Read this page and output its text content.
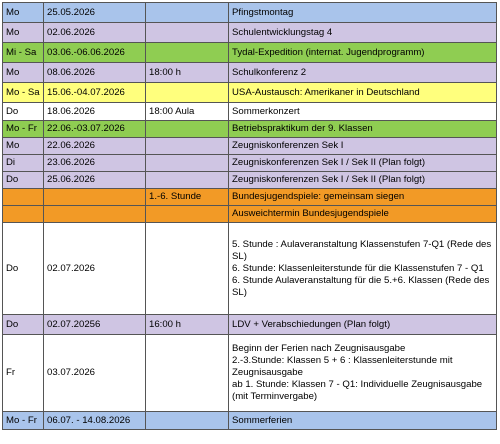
Mo	25.05.2026		Pfingstmontag
Mo	02.06.2026		Schulentwicklungstag 4
Mi - Sa	03.06.-06.06.2026		Tydal-Expedition (internat. Jugendprogramm)
Mo	08.06.2026	18:00 h	Schulkonferenz 2
Mo - Sa	15.06.-04.07.2026		USA-Austausch: Amerikaner in Deutschland
Do	18.06.2026	18:00 Aula	Sommerkonzert
Mo - Fr	22.06.-03.07.2026		Betriebspraktikum der 9. Klassen
Mo	22.06.2026		Zeugniskonferenzen Sek I
Di	23.06.2026		Zeugniskonferenzen Sek I / Sek II (Plan folgt)
Do	25.06.2026		Zeugniskonferenzen Sek I / Sek II (Plan folgt)
		1.-6. Stunde	Bundesjugendspiele: gemeinsam siegen
			Ausweichtermin Bundesjugendspiele
Do	02.07.2026		5. Stunde : Aulaveranstaltung Klassenstufen 7-Q1 (Rede des SL)
6. Stunde: Klassenleiterstunde für die Klassenstufen 7 - Q1
6. Stunde Aulaveranstaltung für die 5.+6. Klassen (Rede des SL)
Do	02.07.20256	16:00 h	LDV + Verabschiedungen (Plan folgt)
Fr	03.07.2026		Beginn der Ferien nach Zeugnisausgabe
2.-3.Stunde: Klassen 5 + 6 : Klassenleiterstunde mit Zeugnisausgabe
ab 1. Stunde: Klassen 7 - Q1: Individuelle Zeugnisausgabe (mit Terminvergabe)
Mo - Fr	06.07. - 14.08.2026		Sommerferien
